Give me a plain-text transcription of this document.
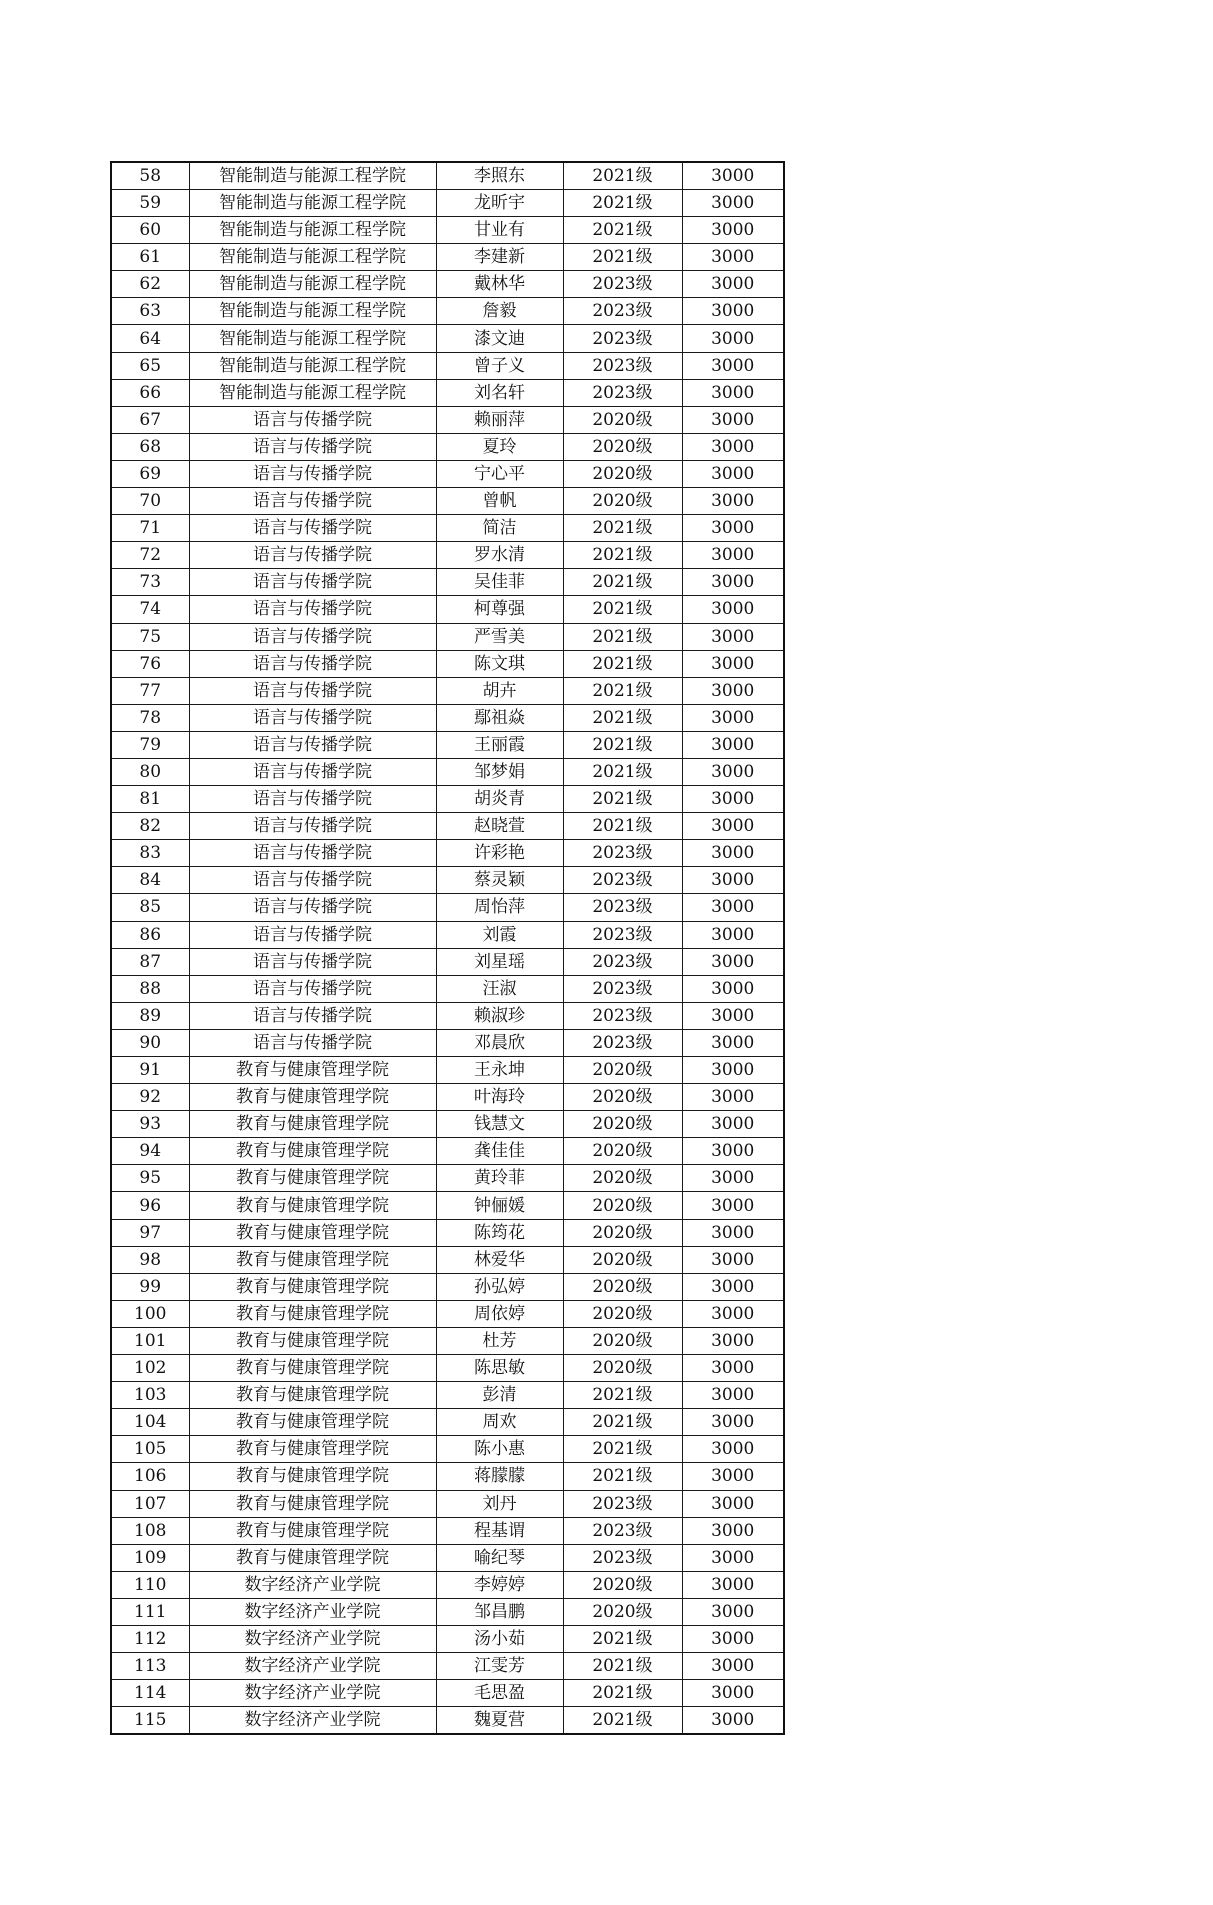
58	智能制造与能源工程学院	李照东	2021级	3000
59	智能制造与能源工程学院	龙昕宇	2021级	3000
60	智能制造与能源工程学院	甘业有	2021级	3000
61	智能制造与能源工程学院	李建新	2021级	3000
62	智能制造与能源工程学院	戴林华	2023级	3000
63	智能制造与能源工程学院	詹毅	2023级	3000
64	智能制造与能源工程学院	漆文迪	2023级	3000
65	智能制造与能源工程学院	曾子义	2023级	3000
66	智能制造与能源工程学院	刘名轩	2023级	3000
67	语言与传播学院	赖丽萍	2020级	3000
68	语言与传播学院	夏玲	2020级	3000
69	语言与传播学院	宁心平	2020级	3000
70	语言与传播学院	曾帆	2020级	3000
71	语言与传播学院	简洁	2021级	3000
72	语言与传播学院	罗水清	2021级	3000
73	语言与传播学院	吴佳菲	2021级	3000
74	语言与传播学院	柯尊强	2021级	3000
75	语言与传播学院	严雪美	2021级	3000
76	语言与传播学院	陈文琪	2021级	3000
77	语言与传播学院	胡卉	2021级	3000
78	语言与传播学院	鄢祖焱	2021级	3000
79	语言与传播学院	王丽霞	2021级	3000
80	语言与传播学院	邹梦娟	2021级	3000
81	语言与传播学院	胡炎青	2021级	3000
82	语言与传播学院	赵晓萱	2021级	3000
83	语言与传播学院	许彩艳	2023级	3000
84	语言与传播学院	蔡灵颖	2023级	3000
85	语言与传播学院	周怡萍	2023级	3000
86	语言与传播学院	刘霞	2023级	3000
87	语言与传播学院	刘星瑶	2023级	3000
88	语言与传播学院	汪淑	2023级	3000
89	语言与传播学院	赖淑珍	2023级	3000
90	语言与传播学院	邓晨欣	2023级	3000
91	教育与健康管理学院	王永坤	2020级	3000
92	教育与健康管理学院	叶海玲	2020级	3000
93	教育与健康管理学院	钱慧文	2020级	3000
94	教育与健康管理学院	龚佳佳	2020级	3000
95	教育与健康管理学院	黄玲菲	2020级	3000
96	教育与健康管理学院	钟俪媛	2020级	3000
97	教育与健康管理学院	陈筠花	2020级	3000
98	教育与健康管理学院	林爱华	2020级	3000
99	教育与健康管理学院	孙弘婷	2020级	3000
100	教育与健康管理学院	周依婷	2020级	3000
101	教育与健康管理学院	杜芳	2020级	3000
102	教育与健康管理学院	陈思敏	2020级	3000
103	教育与健康管理学院	彭清	2021级	3000
104	教育与健康管理学院	周欢	2021级	3000
105	教育与健康管理学院	陈小惠	2021级	3000
106	教育与健康管理学院	蒋朦朦	2021级	3000
107	教育与健康管理学院	刘丹	2023级	3000
108	教育与健康管理学院	程基谓	2023级	3000
109	教育与健康管理学院	喻纪琴	2023级	3000
110	数字经济产业学院	李婷婷	2020级	3000
111	数字经济产业学院	邹昌鹏	2020级	3000
112	数字经济产业学院	汤小茹	2021级	3000
113	数字经济产业学院	江雯芳	2021级	3000
114	数字经济产业学院	毛思盈	2021级	3000
115	数字经济产业学院	魏夏营	2021级	3000
